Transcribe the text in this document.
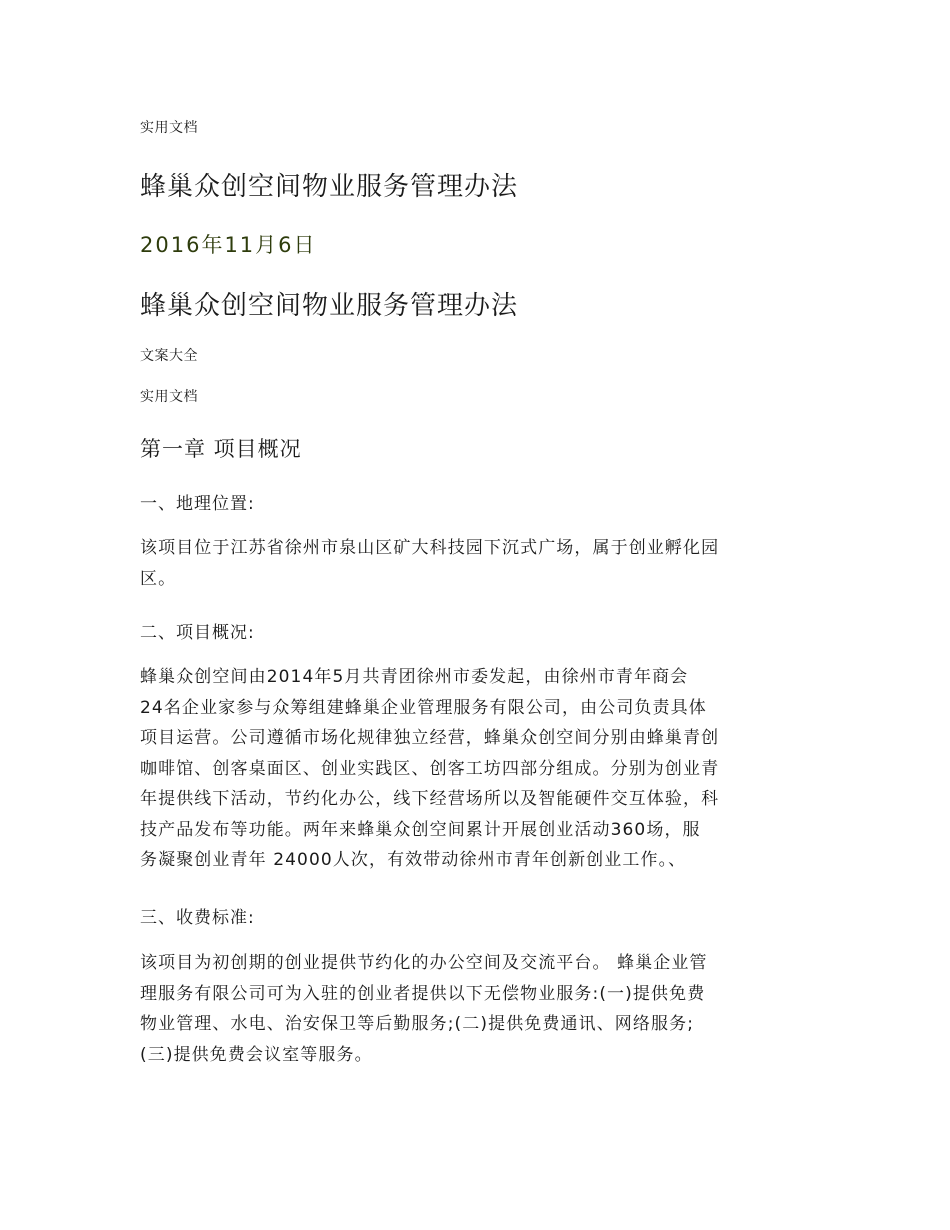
实用文档
蜂巢众创空间物业服务管理办法
2016年11月6日
蜂巢众创空间物业服务管理办法
文案大全
实用文档
第一章 项目概况
一、地理位置:
该项目位于江苏省徐州市泉山区矿大科技园下沉式广场，属于创业孵化园
区。
二、项目概况:
蜂巢众创空间由2014年5月共青团徐州市委发起，由徐州市青年商会
24名企业家参与众筹组建蜂巢企业管理服务有限公司，由公司负责具体
项目运营。公司遵循市场化规律独立经营，蜂巢众创空间分别由蜂巢青创
咖啡馆、创客桌面区、创业实践区、创客工坊四部分组成。分别为创业青
年提供线下活动，节约化办公，线下经营场所以及智能硬件交互体验，科
技产品发布等功能。两年来蜂巢众创空间累计开展创业活动360场，服
务凝聚创业青年 24000人次，有效带动徐州市青年创新创业工作。、
三、收费标准:
该项目为初创期的创业提供节约化的办公空间及交流平台。 蜂巢企业管
理服务有限公司可为入驻的创业者提供以下无偿物业服务:(一)提供免费
物业管理、水电、治安保卫等后勤服务;(二)提供免费通讯、网络服务;
(三)提供免费会议室等服务。
